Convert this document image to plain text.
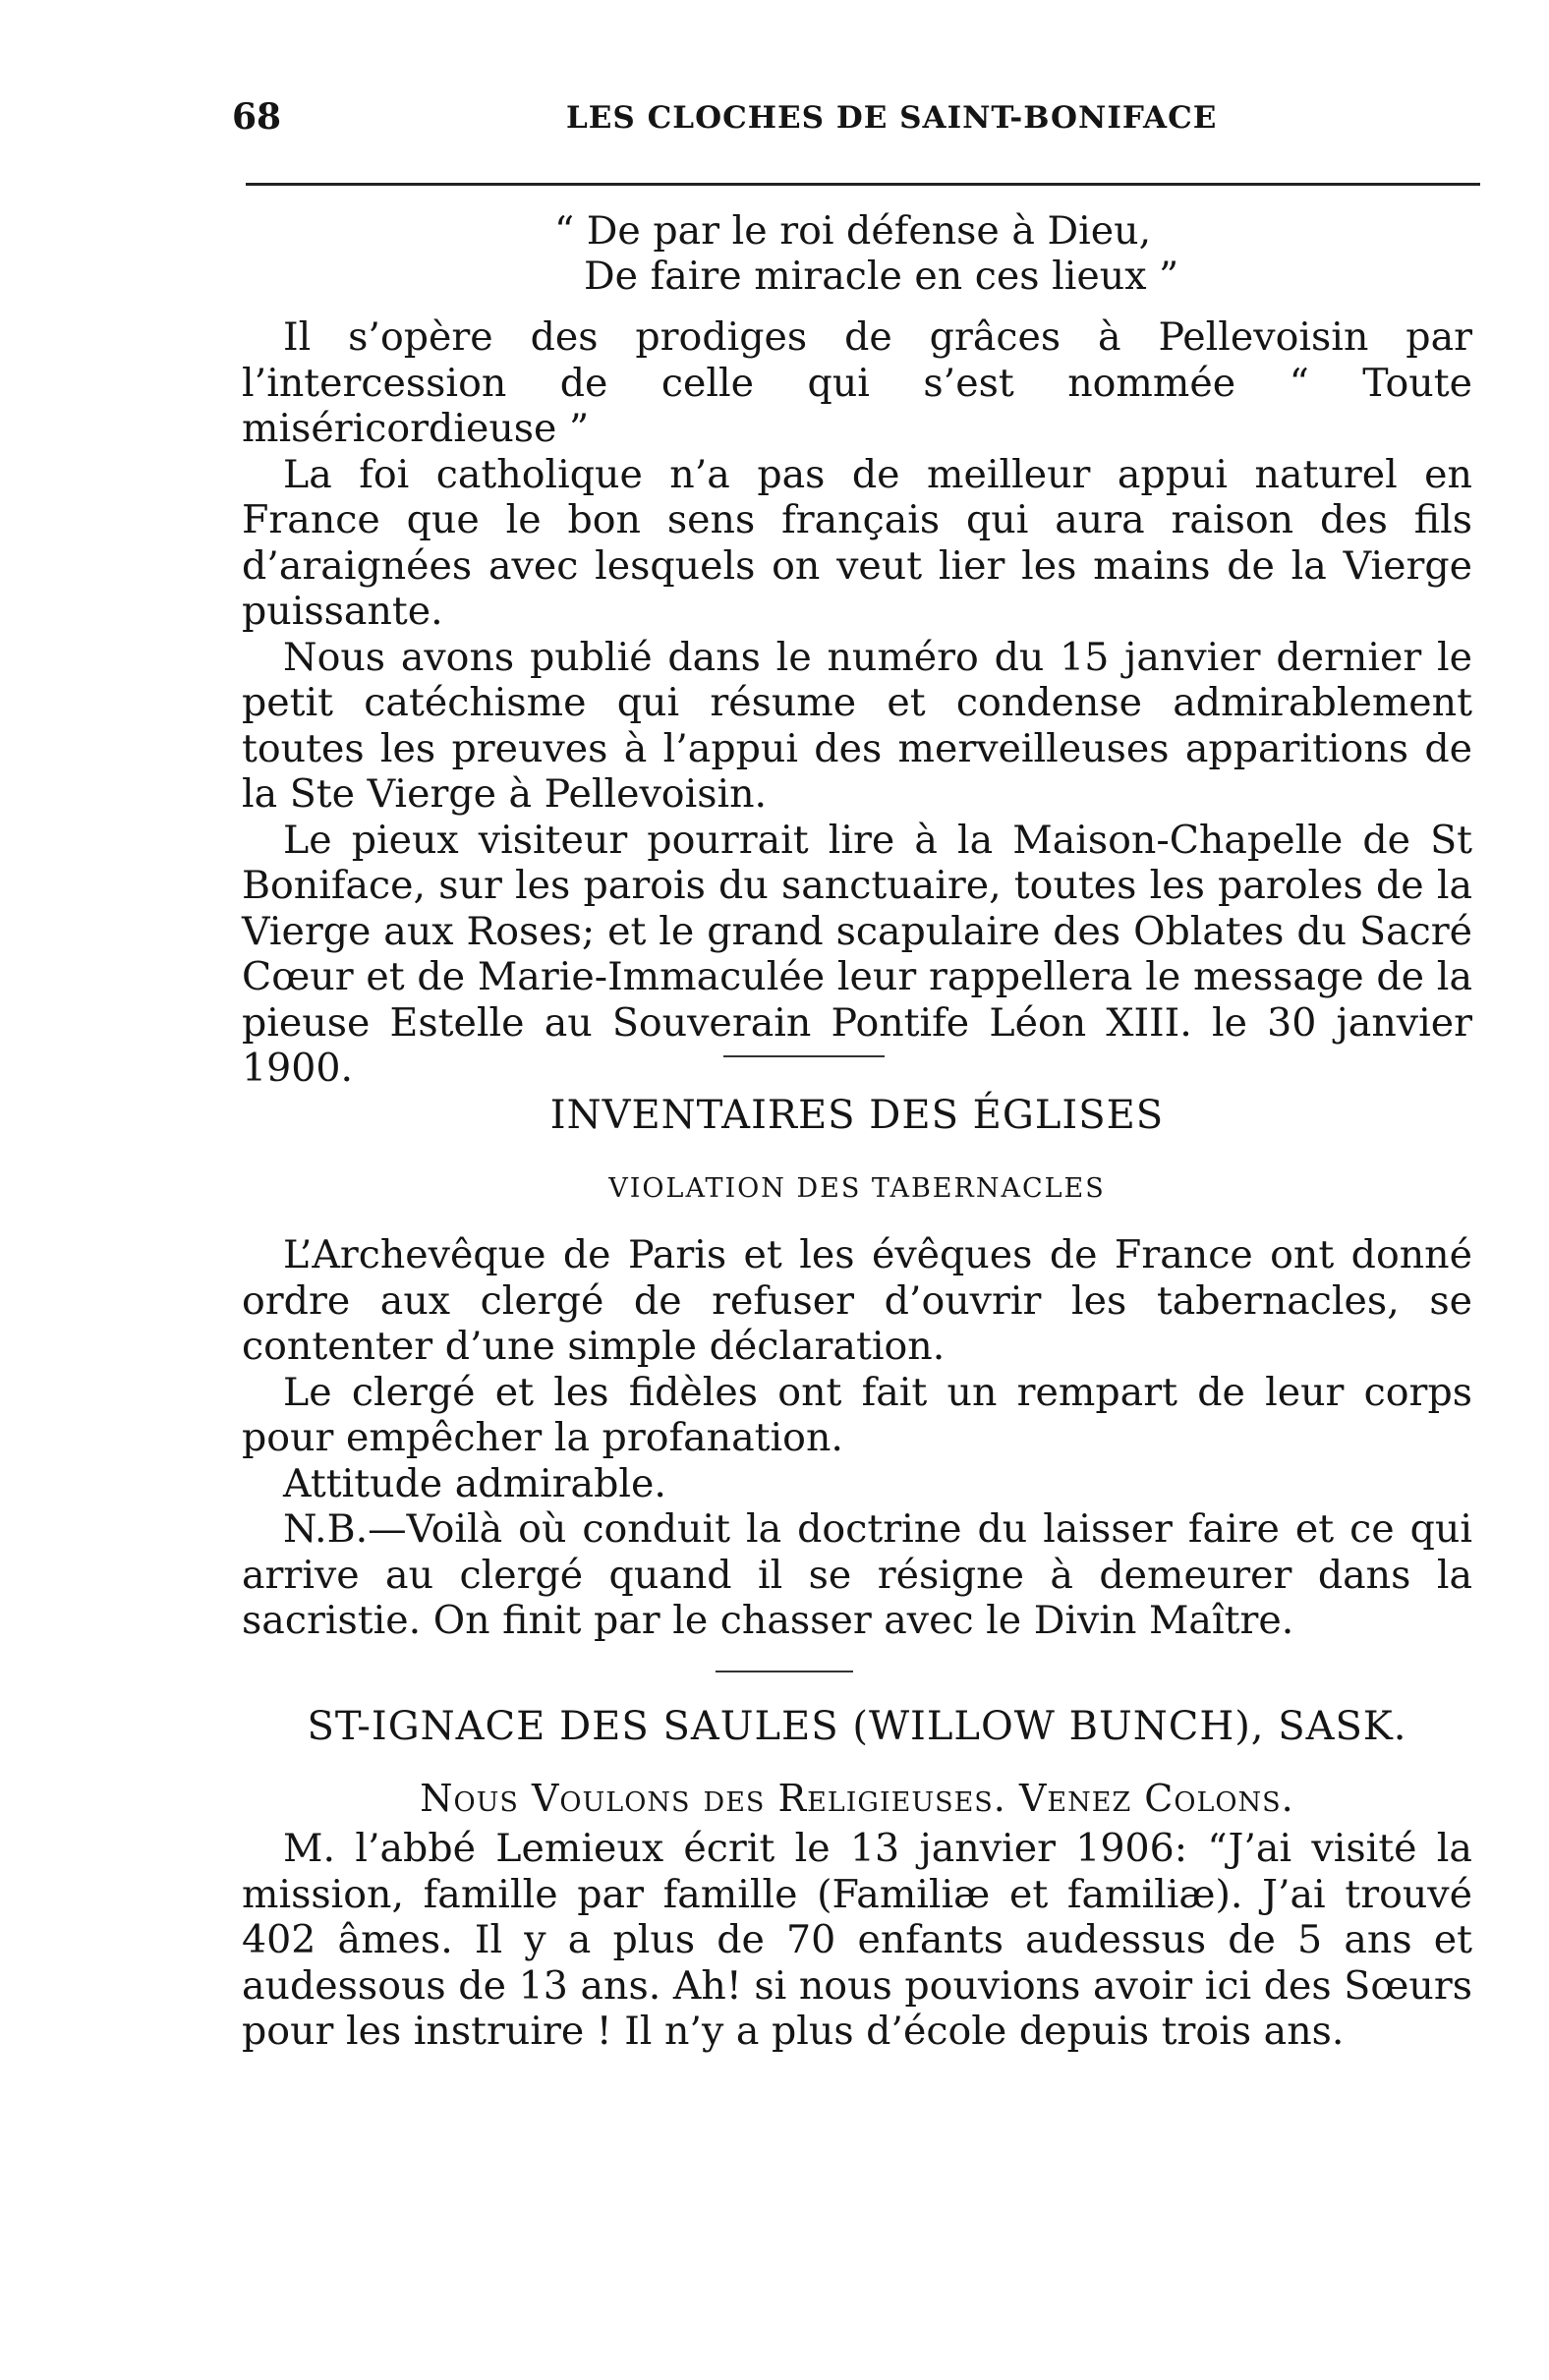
68	LES CLOCHES DE SAINT-BONIFACE
“ De par le roi défense à Dieu,
De faire miracle en ces lieux ”

Il s’opère des prodiges de grâces à Pellevoisin par l’intercession de celle qui s’est nommée “ Toute miséricordieuse ”

La foi catholique n’a pas de meilleur appui naturel en France que le bon sens français qui aura raison des fils d’araignées avec lesquels on veut lier les mains de la Vierge puissante.

Nous avons publié dans le numéro du 15 janvier dernier le petit catéchisme qui résume et condense admirablement toutes les preuves à l’appui des merveilleuses apparitions de la Ste Vierge à Pellevoisin.

Le pieux visiteur pourrait lire à la Maison-Chapelle de St Boniface, sur les parois du sanctuaire, toutes les paroles de la Vierge aux Roses; et le grand scapulaire des Oblates du Sacré Cœur et de Marie-Immaculée leur rappellera le message de la pieuse Estelle au Souverain Pontife Léon XIII. le 30 janvier 1900.

INVENTAIRES DES ÉGLISES
VIOLATION DES TABERNACLES

L’Archevêque de Paris et les évêques de France ont donné ordre aux clergé de refuser d’ouvrir les tabernacles, se contenter d’une simple déclaration.

Le clergé et les fidèles ont fait un rempart de leur corps pour empêcher la profanation.

Attitude admirable.

N.B.—Voilà où conduit la doctrine du laisser faire et ce qui arrive au clergé quand il se résigne à demeurer dans la sacristie. On finit par le chasser avec le Divin Maître.

ST-IGNACE DES SAULES (WILLOW BUNCH), SASK.
Nous Voulons des Religieuses. Venez Colons.

M. l’abbé Lemieux écrit le 13 janvier 1906: “J’ai visité la mission, famille par famille (Familiæ et familiæ). J’ai trouvé 402 âmes. Il y a plus de 70 enfants audessus de 5 ans et audessous de 13 ans. Ah! si nous pouvions avoir ici des Sœurs pour les instruire ! Il n’y a plus d’école depuis trois ans.
